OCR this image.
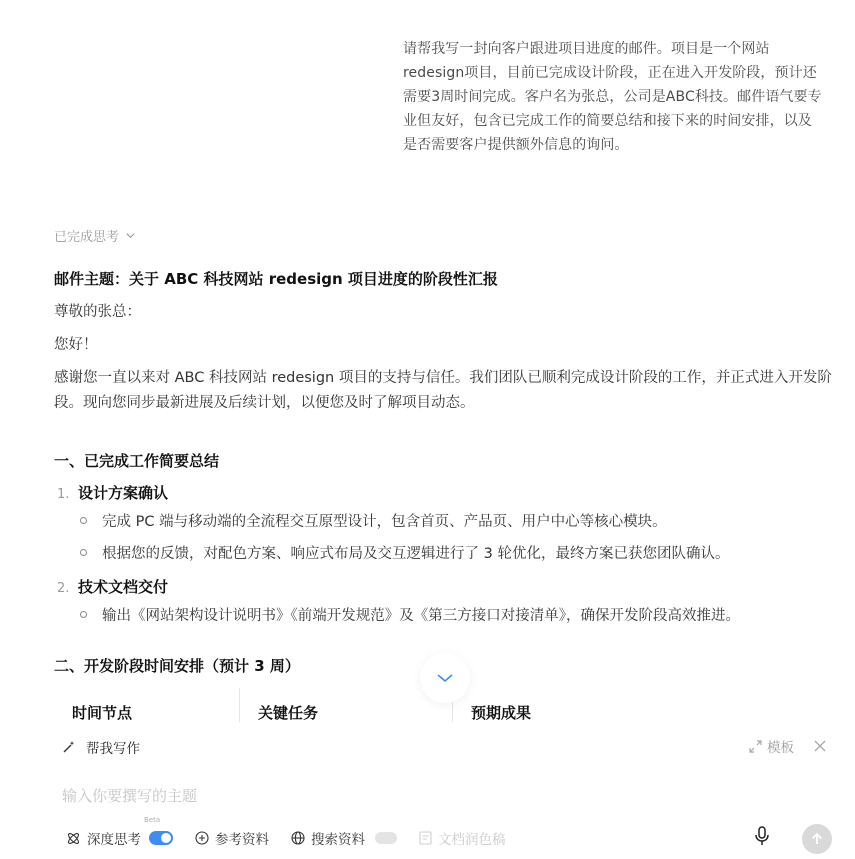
请帮我写一封向客户跟进项目进度的邮件。项目是一个网站redesign项目，目前已完成设计阶段，正在进入开发阶段，预计还需要3周时间完成。客户名为张总，公司是ABC科技。邮件语气要专业但友好，包含已完成工作的简要总结和接下来的时间安排，以及是否需要客户提供额外信息的询问。
已完成思考
邮件主题：关于 ABC 科技网站 redesign 项目进度的阶段性汇报

尊敬的张总：

您好！

感谢您一直以来对 ABC 科技网站 redesign 项目的支持与信任。我们团队已顺利完成设计阶段的工作，并正式进入开发阶段。现向您同步最新进展及后续计划，以便您及时了解项目动态。

一、已完成工作简要总结
1. 设计方案确认
完成 PC 端与移动端的全流程交互原型设计，包含首页、产品页、用户中心等核心模块。
根据您的反馈，对配色方案、响应式布局及交互逻辑进行了 3 轮优化，最终方案已获您团队确认。
2. 技术文档交付
输出《网站架构设计说明书》《前端开发规范》及《第三方接口对接清单》，确保开发阶段高效推进。
二、开发阶段时间安排（预计 3 周）
时间节点	关键任务	预期成果
帮我写作	模板
输入你要撰写的主题
深度思考
Beta
参考资料	搜索资料	文档润色稿
